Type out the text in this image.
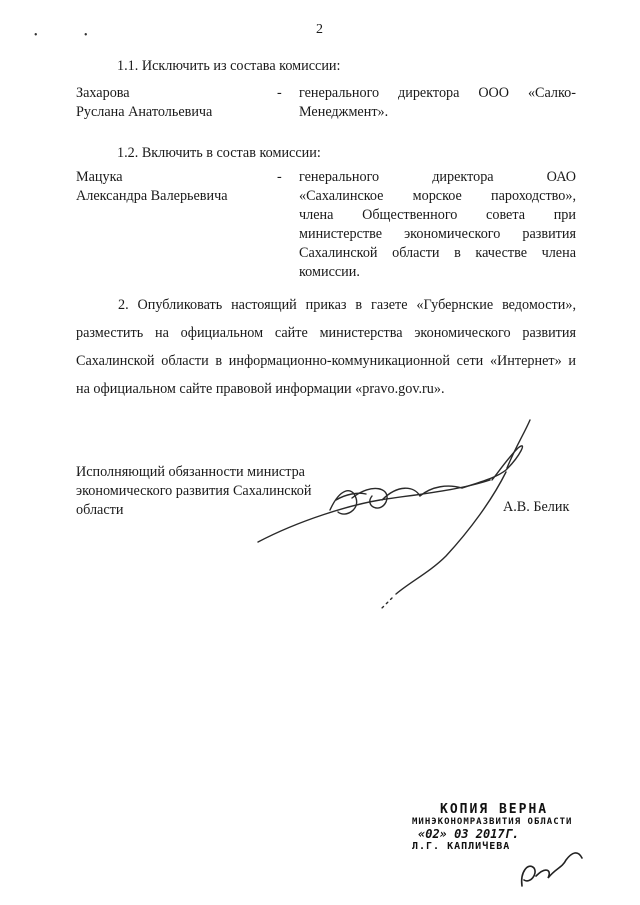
2
• •
1.1. Исключить из состава комиссии:
Захарова
Руслана Анатольевича
- генерального директора ООО «Салко-
Менеджмент».
1.2. Включить в состав комиссии:
Мацука
Александра Валерьевича
- генерального директора ОАО
«Сахалинское морское пароходство»,
члена Общественного совета при
министерстве экономического развития
Сахалинской области в качестве члена
комиссии.
2. Опубликовать настоящий приказ в газете «Губернские ведомости»,
разместить на официальном сайте министерства экономического развития
Сахалинской области в информационно-коммуникационной сети «Интернет» и
на официальном сайте правовой информации «pravo.gov.ru».
Исполняющий обязанности министра
экономического развития Сахалинской
области	А.В. Белик
КОПИЯ ВЕРНА
МИНЭКОНОМРАЗВИТИЯ ОБЛАСТИ
«02» 03 2017Г.
Л.Г. КАПЛИЧЕВА
